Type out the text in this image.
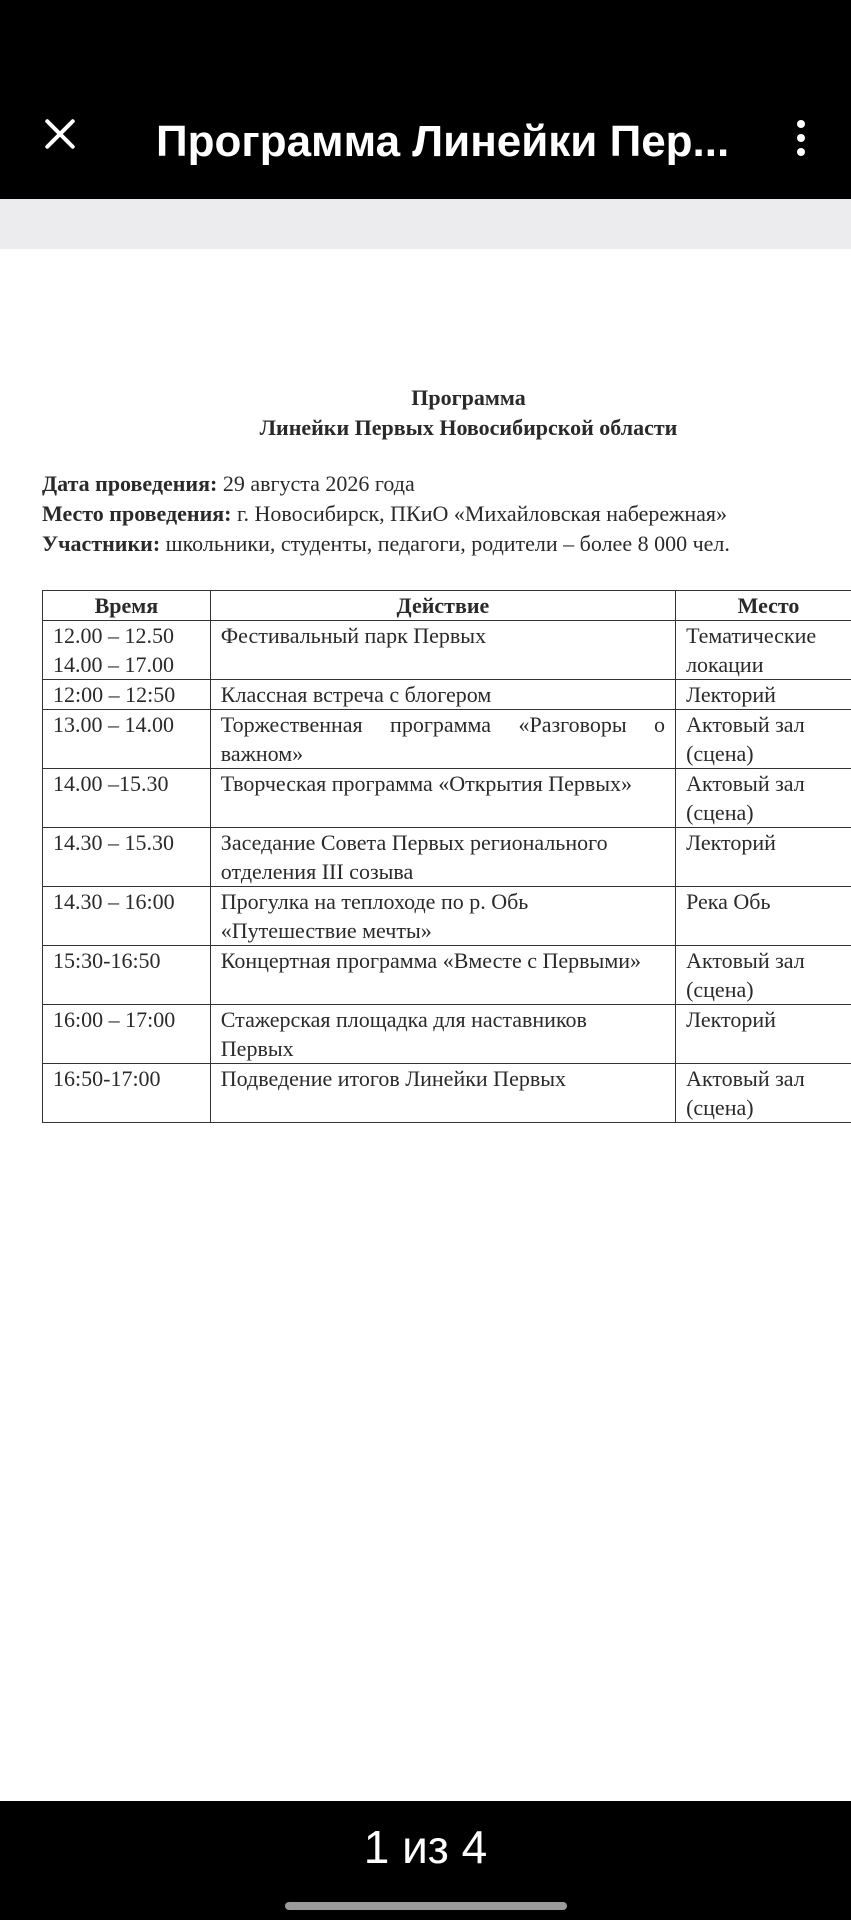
Программа Линейки Пер...
Программа
Линейки Первых Новосибирской области
Дата проведения: 29 августа 2026 года
Место проведения: г. Новосибирск, ПКиО «Михайловская набережная»
Участники: школьники, студенты, педагоги, родители – более 8 000 чел.
Время	Действие	Место
12.00 – 12.50
14.00 – 17.00	Фестивальный парк Первых	Тематические локации
12:00 – 12:50	Классная встреча с блогером	Лекторий
13.00 – 14.00	Торжественная программа «Разговоры о важном»	Актовый зал (сцена)
14.00 –15.30	Творческая программа «Открытия Первых»	Актовый зал (сцена)
14.30 – 15.30	Заседание Совета Первых регионального отделения III созыва	Лекторий
14.30 – 16:00	Прогулка на теплоходе по р. Обь «Путешествие мечты»	Река Обь
15:30-16:50	Концертная программа «Вместе с Первыми»	Актовый зал (сцена)
16:00 – 17:00	Стажерская площадка для наставников Первых	Лекторий
16:50-17:00	Подведение итогов Линейки Первых	Актовый зал (сцена)
1 из 4
